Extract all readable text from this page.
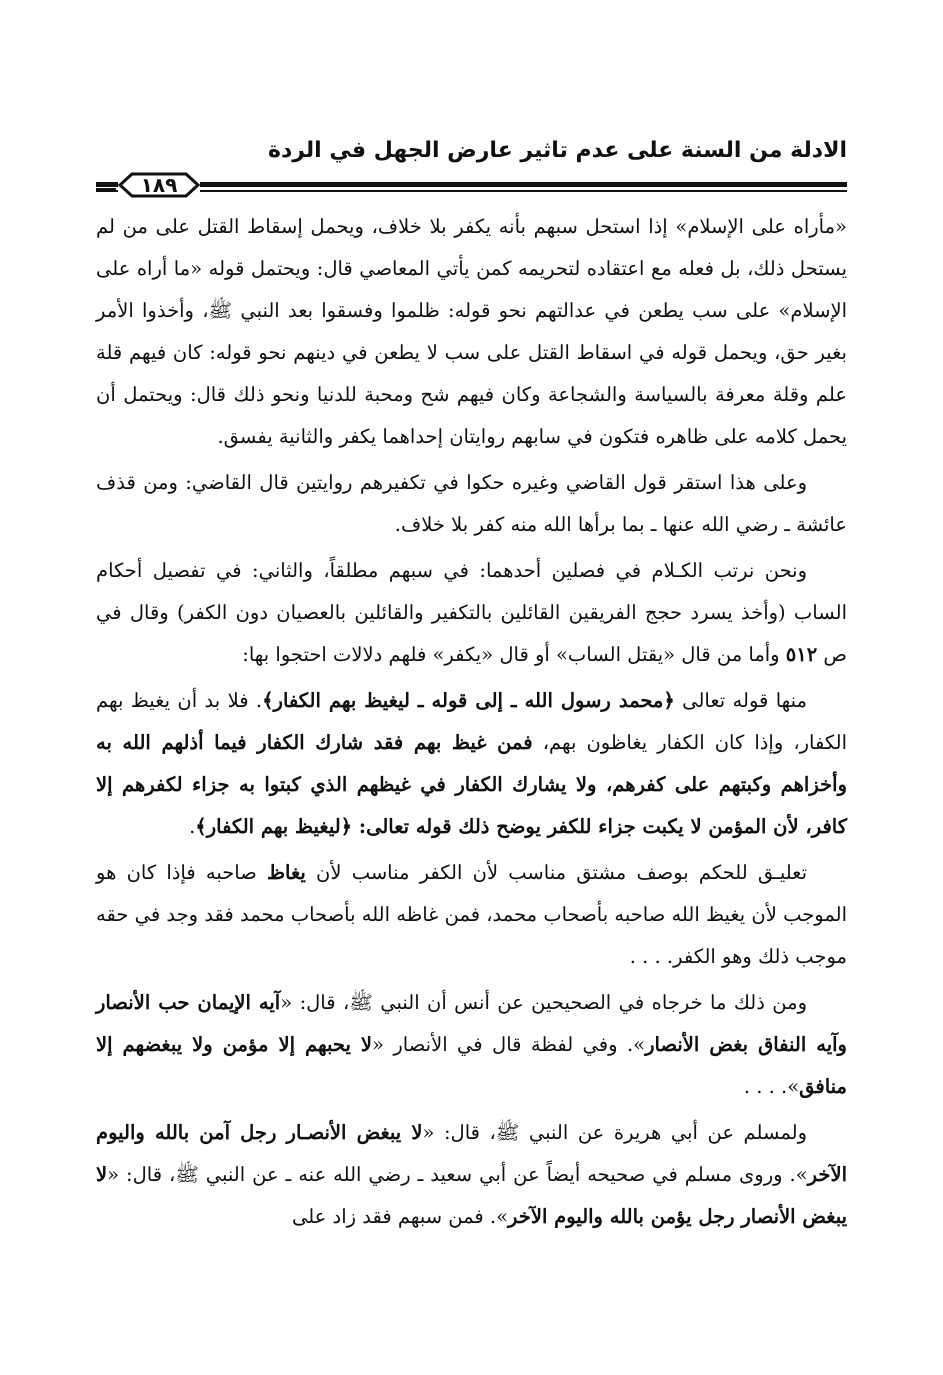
الادلة من السنة على عدم تاثير عارض الجهل في الردة
١٨٩

«مأراه على الإسلام» إذا استحل سبهم بأنه يكفر بلا خلاف، ويحمل إسقاط القتل على من لم يستحل ذلك، بل فعله مع اعتقاده لتحريمه كمن يأتي المعاصي قال: ويحتمل قوله «ما أراه على الإسلام» على سب يطعن في عدالتهم نحو قوله: ظلموا وفسقوا بعد النبي ﷺ، وأخذوا الأمر بغير حق، ويحمل قوله في اسقاط القتل على سب لا يطعن في دينهم نحو قوله: كان فيهم قلة علم وقلة معرفة بالسياسة والشجاعة وكان فيهم شح ومحبة للدنيا ونحو ذلك قال: ويحتمل أن يحمل كلامه على ظاهره فتكون في سابهم روايتان إحداهما يكفر والثانية يفسق.

وعلى هذا استقر قول القاضي وغيره حكوا في تكفيرهم روايتين قال القاضي: ومن قذف عائشة ـ رضي الله عنها ـ بما برأها الله منه كفر بلا خلاف.

ونحن نرتب الكـلام في فصلين أحدهما: في سبهم مطلقاً، والثاني: في تفصيل أحكام الساب (وأخذ يسرد حجج الفريقين القائلين بالتكفير والقائلين بالعصيان دون الكفر) وقال في ص ٥١٢ وأما من قال «يقتل الساب» أو قال «يكفر» فلهم دلالات احتجوا بها:

منها قوله تعالى ﴿محمد رسول الله ـ إلى قوله ـ ليغيظ بهم الكفار﴾. فلا بد أن يغيظ بهم الكفار، وإذا كان الكفار يغاظون بهم، فمن غيظ بهم فقد شارك الكفار فيما أذلهم الله به وأخزاهم وكبتهم على كفرهم، ولا يشارك الكفار في غيظهم الذي كبتوا به جزاء لكفرهم إلا كافر، لأن المؤمن لا يكبت جزاء للكفر يوضح ذلك قوله تعالى: ﴿ليغيظ بهم الكفار﴾.

تعليـق للحكم بوصف مشتق مناسب لأن الكفر مناسب لأن يغاظ صاحبه فإذا كان هو الموجب لأن يغيظ الله صاحبه بأصحاب محمد، فمن غاظه الله بأصحاب محمد فقد وجد في حقه موجب ذلك وهو الكفر. . . .

ومن ذلك ما خرجاه في الصحيحين عن أنس أن النبي ﷺ، قال: «آيه الإيمان حب الأنصار وآيه النفاق بغض الأنصار». وفي لفظة قال في الأنصار «لا يحبهم إلا مؤمن ولا يبغضهم إلا منافق». . . .

ولمسلم عن أبي هريرة عن النبي ﷺ، قال: «لا يبغض الأنصـار رجل آمن بالله واليوم الآخر». وروى مسلم في صحيحه أيضاً عن أبي سعيد ـ رضي الله عنه ـ عن النبي ﷺ، قال: «لا يبغض الأنصار رجل يؤمن بالله واليوم الآخر». فمن سبهم فقد زاد على
